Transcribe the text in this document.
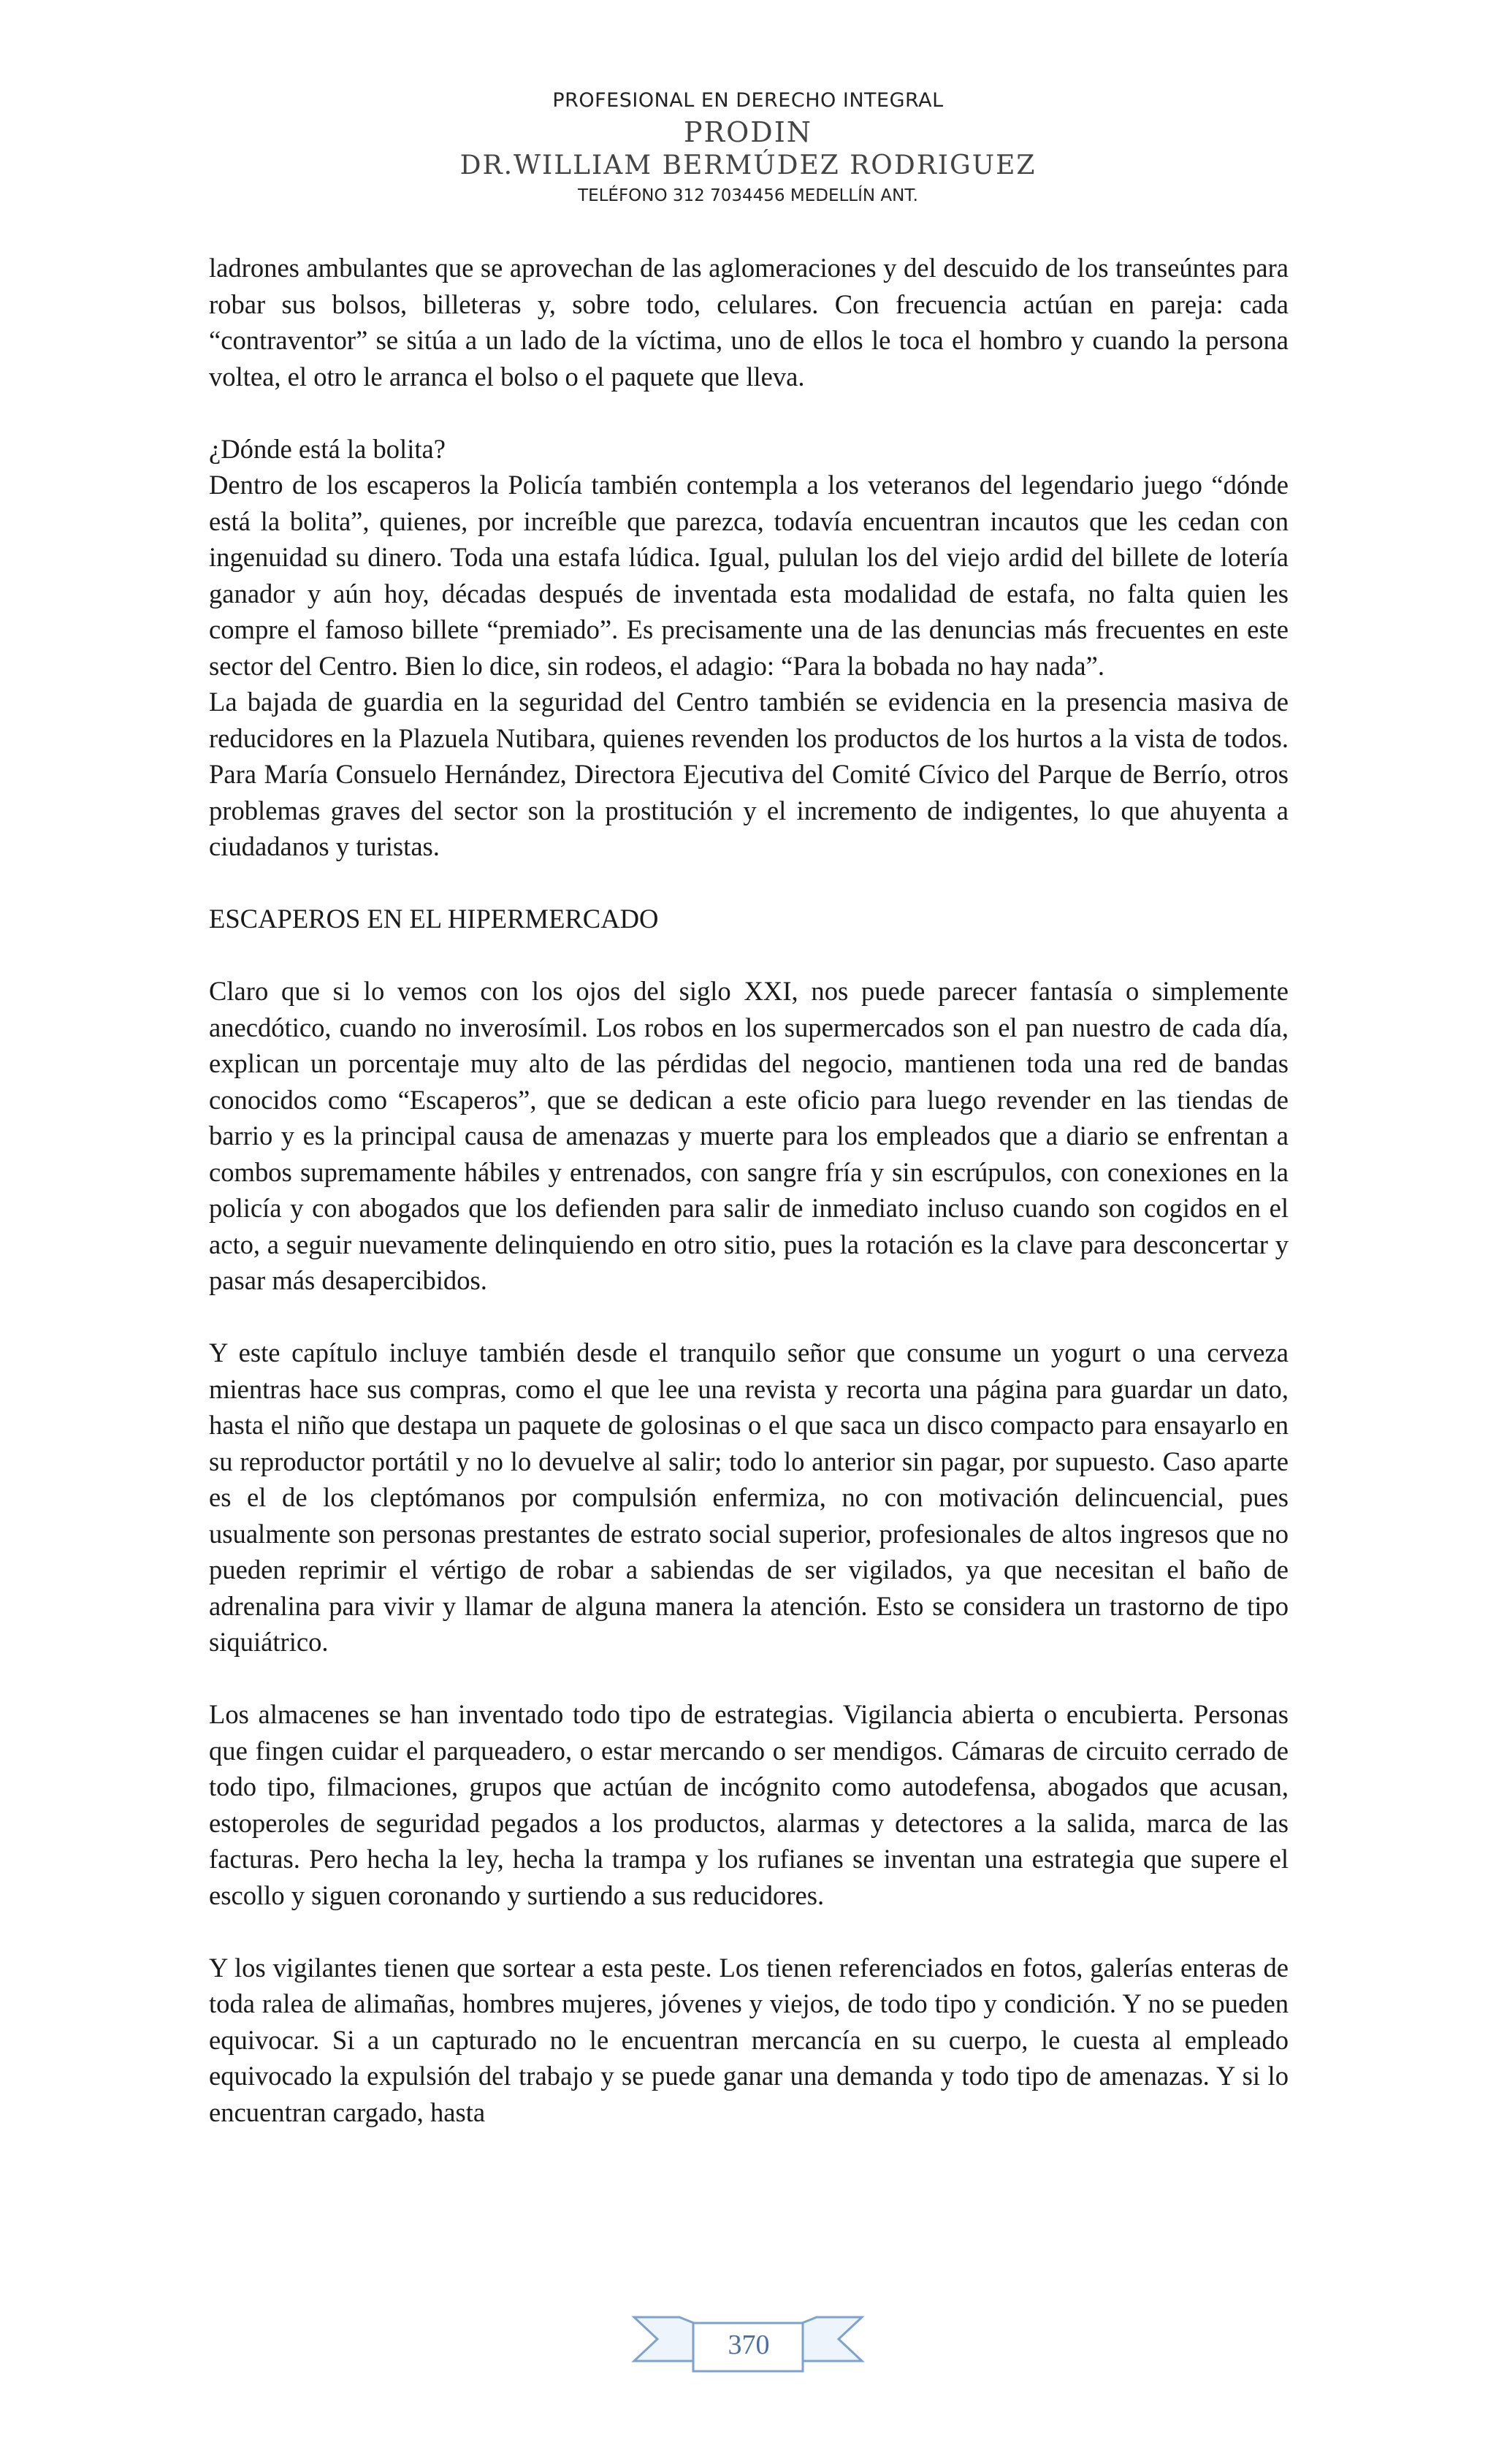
PROFESIONAL EN DERECHO INTEGRAL
PRODIN
DR.WILLIAM BERMÚDEZ RODRIGUEZ
TELÉFONO 312 7034456 MEDELLÍN ANT.

ladrones ambulantes que se aprovechan de las aglomeraciones y del descuido de los transeúntes para robar sus bolsos, billeteras y, sobre todo, celulares. Con frecuencia actúan en pareja: cada “contraventor” se sitúa a un lado de la víctima, uno de ellos le toca el hombro y cuando la persona voltea, el otro le arranca el bolso o el paquete que lleva.

¿Dónde está la bolita?

Dentro de los escaperos la Policía también contempla a los veteranos del legendario juego “dónde está la bolita”, quienes, por increíble que parezca, todavía encuentran incautos que les cedan con ingenuidad su dinero. Toda una estafa lúdica. Igual, pululan los del viejo ardid del billete de lotería ganador y aún hoy, décadas después de inventada esta modalidad de estafa, no falta quien les compre el famoso billete “premiado”. Es precisamente una de las denuncias más frecuentes en este sector del Centro. Bien lo dice, sin rodeos, el adagio: “Para la bobada no hay nada”.

La bajada de guardia en la seguridad del Centro también se evidencia en la presencia masiva de reducidores en la Plazuela Nutibara, quienes revenden los productos de los hurtos a la vista de todos. Para María Consuelo Hernández, Directora Ejecutiva del Comité Cívico del Parque de Berrío, otros problemas graves del sector son la prostitución y el incremento de indigentes, lo que ahuyenta a ciudadanos y turistas.

ESCAPEROS EN EL HIPERMERCADO

Claro que si lo vemos con los ojos del siglo XXI, nos puede parecer fantasía o simplemente anecdótico, cuando no inverosímil. Los robos en los supermercados son el pan nuestro de cada día, explican un porcentaje muy alto de las pérdidas del negocio, mantienen toda una red de bandas conocidos como “Escaperos”, que se dedican a este oficio para luego revender en las tiendas de barrio y es la principal causa de amenazas y muerte para los empleados que a diario se enfrentan a combos supremamente hábiles y entrenados, con sangre fría y sin escrúpulos, con conexiones en la policía y con abogados que los defienden para salir de inmediato incluso cuando son cogidos en el acto, a seguir nuevamente delinquiendo en otro sitio, pues la rotación es la clave para desconcertar y pasar más desapercibidos.

Y este capítulo incluye también desde el tranquilo señor que consume un yogurt o una cerveza mientras hace sus compras, como el que lee una revista y recorta una página para guardar un dato, hasta el niño que destapa un paquete de golosinas o el que saca un disco compacto para ensayarlo en su reproductor portátil y no lo devuelve al salir; todo lo anterior sin pagar, por supuesto. Caso aparte es el de los cleptómanos por compulsión enfermiza, no con motivación delincuencial, pues usualmente son personas prestantes de estrato social superior, profesionales de altos ingresos que no pueden reprimir el vértigo de robar a sabiendas de ser vigilados, ya que necesitan el baño de adrenalina para vivir y llamar de alguna manera la atención. Esto se considera un trastorno de tipo siquiátrico.

Los almacenes se han inventado todo tipo de estrategias. Vigilancia abierta o encubierta. Personas que fingen cuidar el parqueadero, o estar mercando o ser mendigos. Cámaras de circuito cerrado de todo tipo, filmaciones, grupos que actúan de incógnito como autodefensa, abogados que acusan, estoperoles de seguridad pegados a los productos, alarmas y detectores a la salida, marca de las facturas. Pero hecha la ley, hecha la trampa y los rufianes se inventan una estrategia que supere el escollo y siguen coronando y surtiendo a sus reducidores.

Y los vigilantes tienen que sortear a esta peste. Los tienen referenciados en fotos, galerías enteras de toda ralea de alimañas, hombres mujeres, jóvenes y viejos, de todo tipo y condición. Y no se pueden equivocar. Si a un capturado no le encuentran mercancía en su cuerpo, le cuesta al empleado equivocado la expulsión del trabajo y se puede ganar una demanda y todo tipo de amenazas. Y si lo encuentran cargado, hasta

370
